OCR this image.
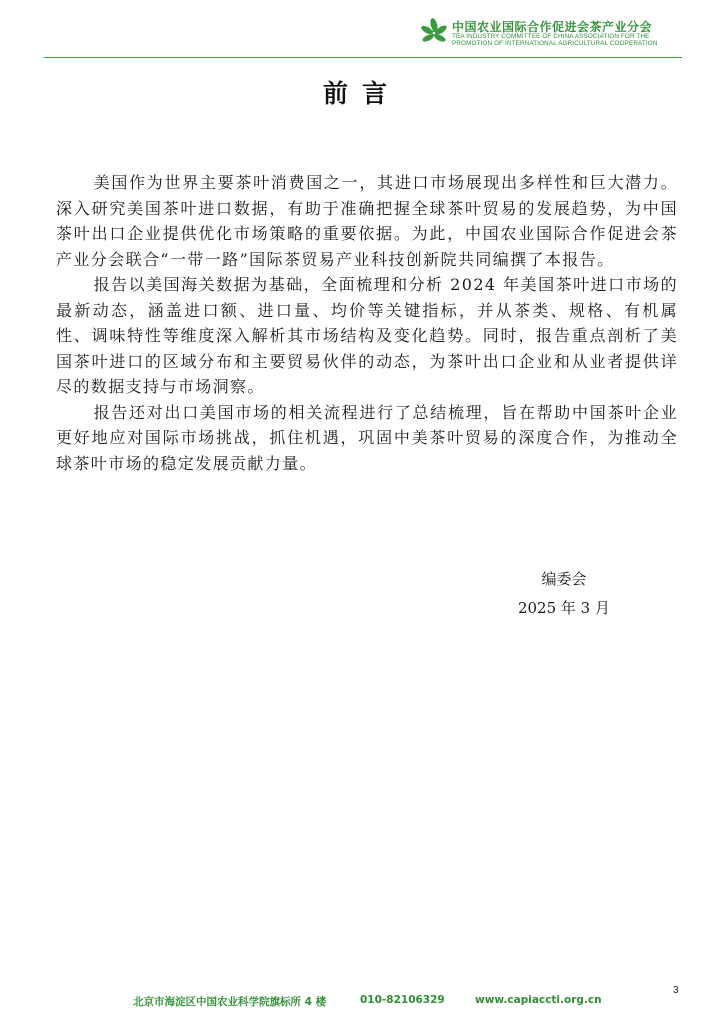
中国农业国际合作促进会茶产业分会
TEA INDUSTRY COMMITTEE OF CHINA ASSOCIATION FOR THE
PROMOTION OF INTERNATIONAL AGRICULTURAL COOPERATION
前言

美国作为世界主要茶叶消费国之一，其进口市场展现出多样性和巨大潜力。深入研究美国茶叶进口数据，有助于准确把握全球茶叶贸易的发展趋势，为中国茶叶出口企业提供优化市场策略的重要依据。为此，中国农业国际合作促进会茶产业分会联合“一带一路”国际茶贸易产业科技创新院共同编撰了本报告。

报告以美国海关数据为基础，全面梳理和分析 2024 年美国茶叶进口市场的最新动态，涵盖进口额、进口量、均价等关键指标，并从茶类、规格、有机属性、调味特性等维度深入解析其市场结构及变化趋势。同时，报告重点剖析了美国茶叶进口的区域分布和主要贸易伙伴的动态，为茶叶出口企业和从业者提供详尽的数据支持与市场洞察。

报告还对出口美国市场的相关流程进行了总结梳理，旨在帮助中国茶叶企业更好地应对国际市场挑战，抓住机遇，巩固中美茶叶贸易的深度合作，为推动全球茶叶市场的稳定发展贡献力量。

编委会
2025 年 3 月
3
北京市海淀区中国农业科学院旗标所 4 楼	010-82106329	www.capiaccti.org.cn
